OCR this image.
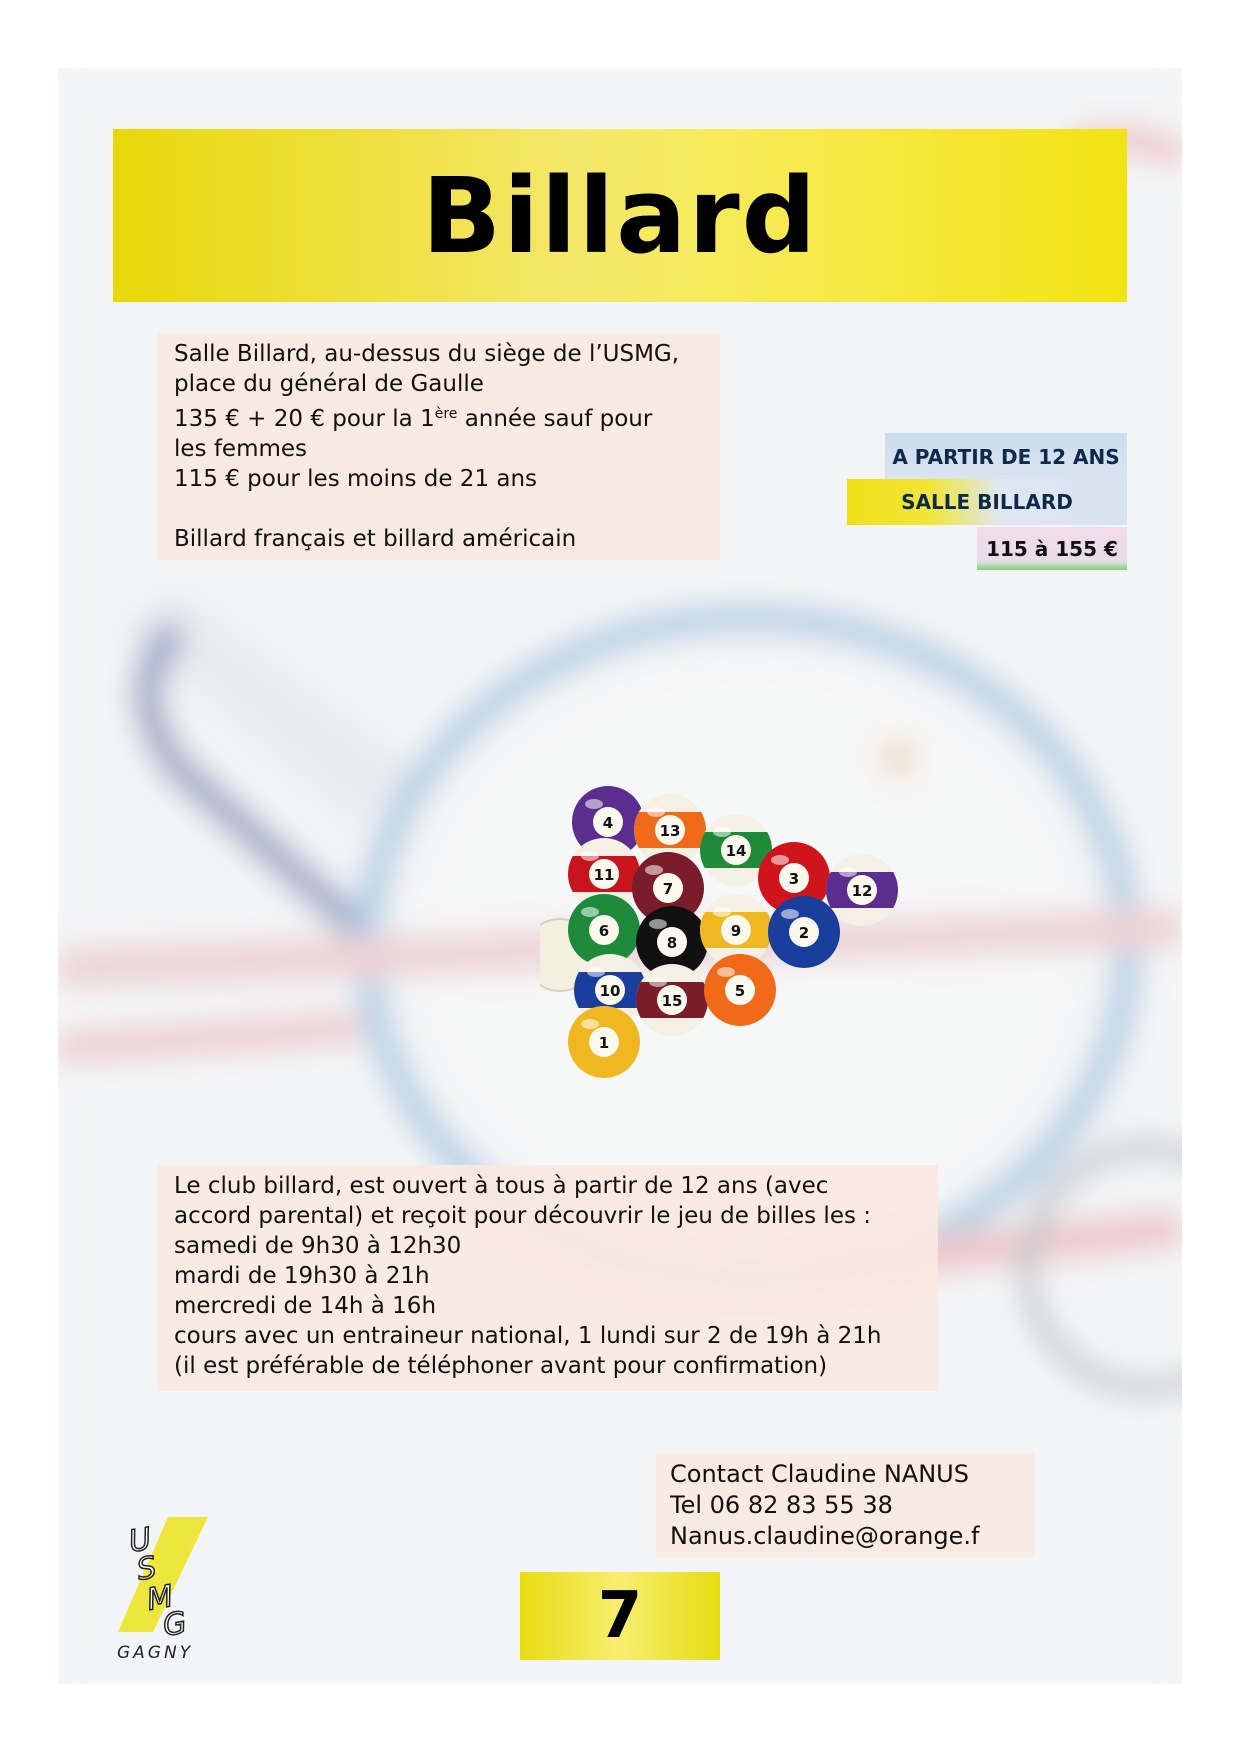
Billard

Salle Billard, au-dessus du siège de l’USMG,

place du général de Gaulle

135 € + 20 € pour la 1ère année sauf pour

les femmes

115 € pour les moins de 21 ans

Billard français et billard américain

A PARTIR DE 12 ANS
SALLE BILLARD
115 à 155 €
4	13
14
11
7
3
12
6
8
9	2
10
15
5
1

Le club billard, est ouvert à tous à partir de 12 ans (avec

accord parental) et reçoit pour découvrir le jeu de billes les :

samedi de 9h30 à 12h30

mardi de 19h30 à 21h

mercredi de 14h à 16h

cours avec un entraineur national, 1 lundi sur 2 de 19h à 21h

(il est préférable de téléphoner avant pour confirmation)

Contact Claudine NANUS

Tel 06 82 83 55 38

Nanus.claudine@orange.f

U
S
M
G
GAGNY	7
